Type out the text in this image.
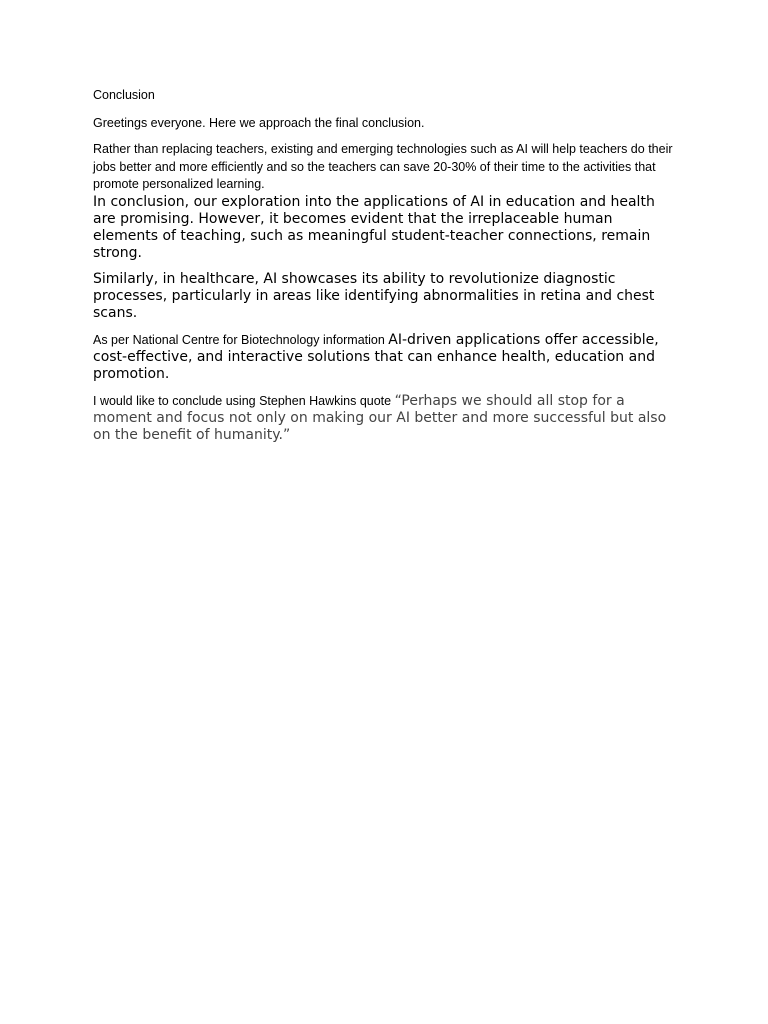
Conclusion

Greetings everyone. Here we approach the final conclusion.

Rather than replacing teachers, existing and emerging technologies such as AI will help teachers do their jobs better and more efficiently and so the teachers can save 20-30% of their time to the activities that promote personalized learning.

In conclusion, our exploration into the applications of AI in education and health are promising. However, it becomes evident that the irreplaceable human elements of teaching, such as meaningful student-teacher connections, remain strong.

Similarly, in healthcare, AI showcases its ability to revolutionize diagnostic processes, particularly in areas like identifying abnormalities in retina and chest scans.

As per National Centre for Biotechnology information AI-driven applications offer accessible, cost-effective, and interactive solutions that can enhance health, education and promotion.

I would like to conclude using Stephen Hawkins quote “Perhaps we should all stop for a moment and focus not only on making our AI better and more successful but also on the benefit of humanity.”
